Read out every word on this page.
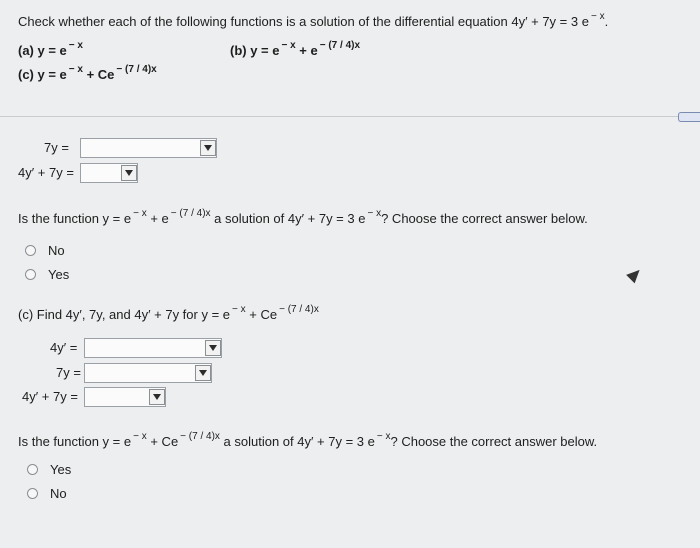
Check whether each of the following functions is a solution of the differential equation 4y′ + 7y = 3 e $^{- x}$.
(a) y = e $^{- x}$	(b) y = e $^{- x}$ + e $^{- (7 / 4)x}$
(c) y = e $^{- x}$ + Ce $^{- (7 / 4)x}$
7y =
4y′ + 7y =
Is the function y = e $^{- x}$ + e $^{- (7 / 4)x}$ a solution of 4y′ + 7y = 3 e $^{- x}$? Choose the correct answer below.
No
Yes
(c) Find 4y′, 7y, and 4y′ + 7y for y = e $^{- x}$ + Ce $^{- (7 / 4)x}$
4y′ =
7y =
4y′ + 7y =
Is the function y = e $^{- x}$ + Ce $^{- (7 / 4)x}$ a solution of 4y′ + 7y = 3 e $^{- x}$? Choose the correct answer below.
Yes
No
